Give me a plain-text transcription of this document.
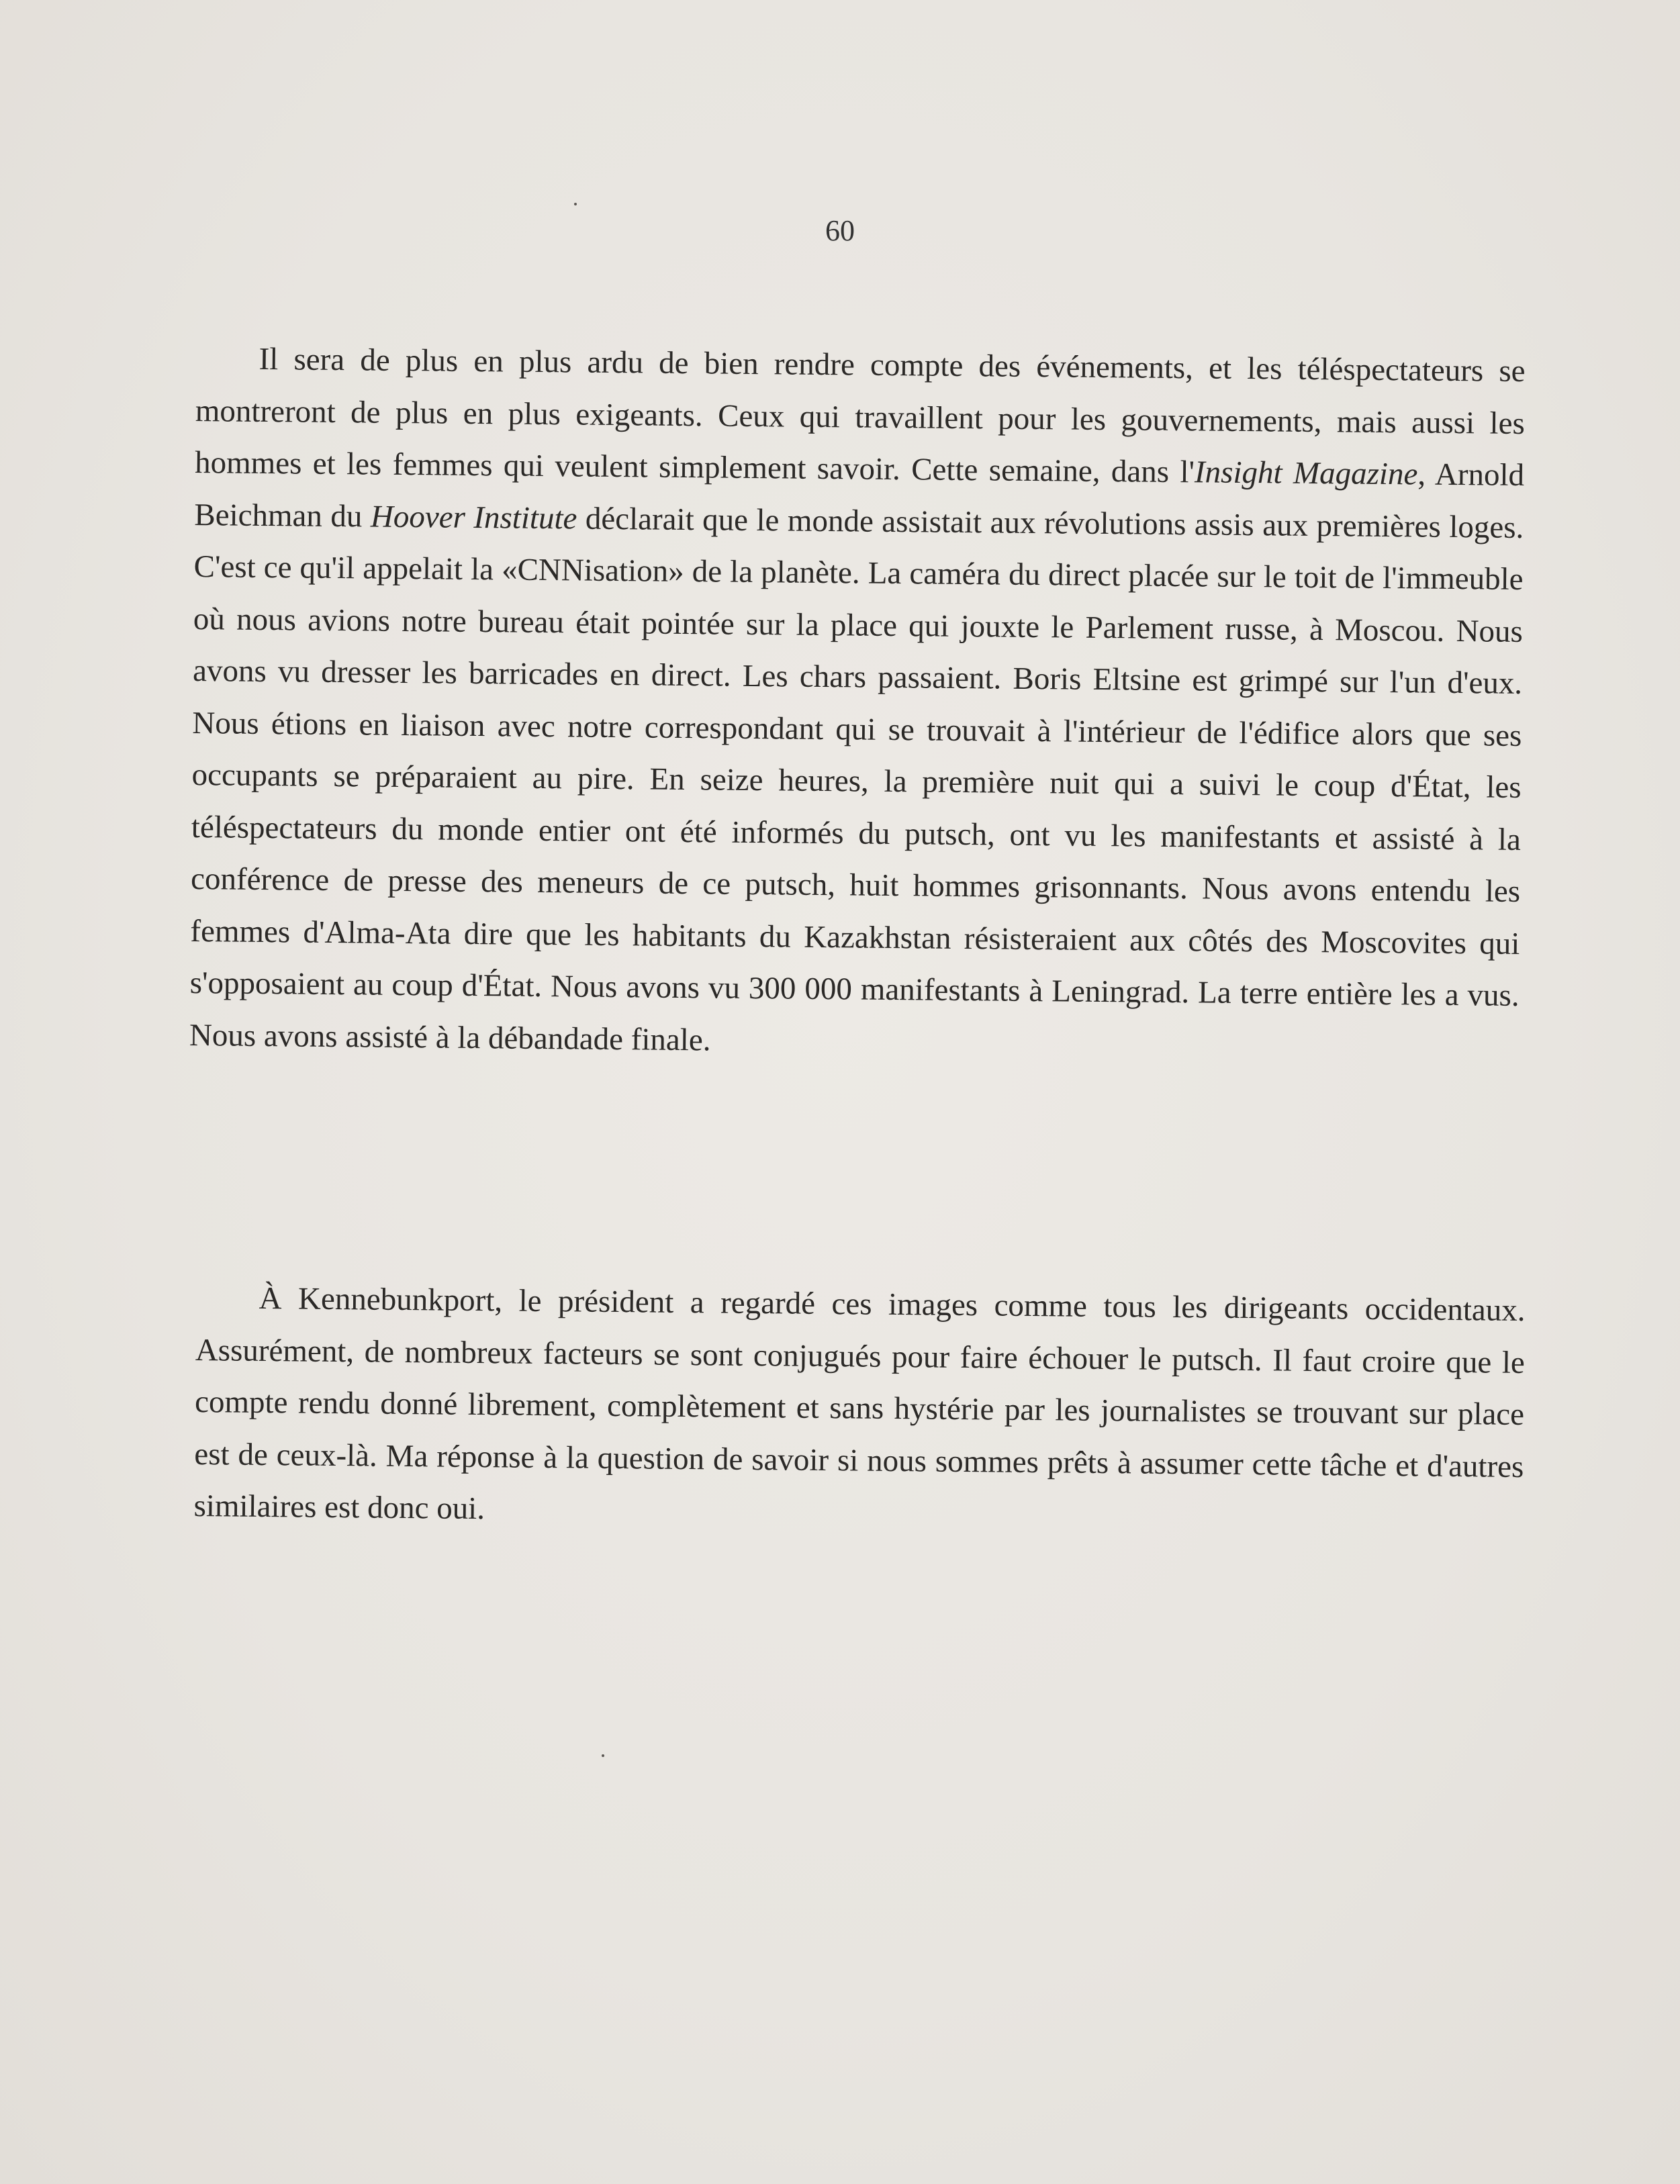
60

Il sera de plus en plus ardu de bien rendre compte des événements, et les téléspectateurs se montreront de plus en plus exigeants. Ceux qui travaillent pour les gouvernements, mais aussi les hommes et les femmes qui veulent simplement savoir. Cette semaine, dans l'Insight Magazine, Arnold Beichman du Hoover Institute déclarait que le monde assistait aux révolutions assis aux premières loges. C'est ce qu'il appelait la «CNNisation» de la planète. La caméra du direct placée sur le toit de l'immeuble où nous avions notre bureau était pointée sur la place qui jouxte le Parlement russe, à Moscou. Nous avons vu dresser les barricades en direct. Les chars passaient. Boris Eltsine est grimpé sur l'un d'eux. Nous étions en liaison avec notre correspondant qui se trouvait à l'intérieur de l'édifice alors que ses occupants se préparaient au pire. En seize heures, la première nuit qui a suivi le coup d'État, les téléspectateurs du monde entier ont été informés du putsch, ont vu les manifestants et assisté à la conférence de presse des meneurs de ce putsch, huit hommes grisonnants. Nous avons entendu les femmes d'Alma-Ata dire que les habitants du Kazakhstan résisteraient aux côtés des Moscovites qui s'opposaient au coup d'État. Nous avons vu 300 000 manifestants à Leningrad. La terre entière les a vus. Nous avons assisté à la débandade finale.

À Kennebunkport, le président a regardé ces images comme tous les dirigeants occidentaux. Assurément, de nombreux facteurs se sont conjugués pour faire échouer le putsch. Il faut croire que le compte rendu donné librement, complètement et sans hystérie par les journalistes se trouvant sur place est de ceux-là. Ma réponse à la question de savoir si nous sommes prêts à assumer cette tâche et d'autres similaires est donc oui.
